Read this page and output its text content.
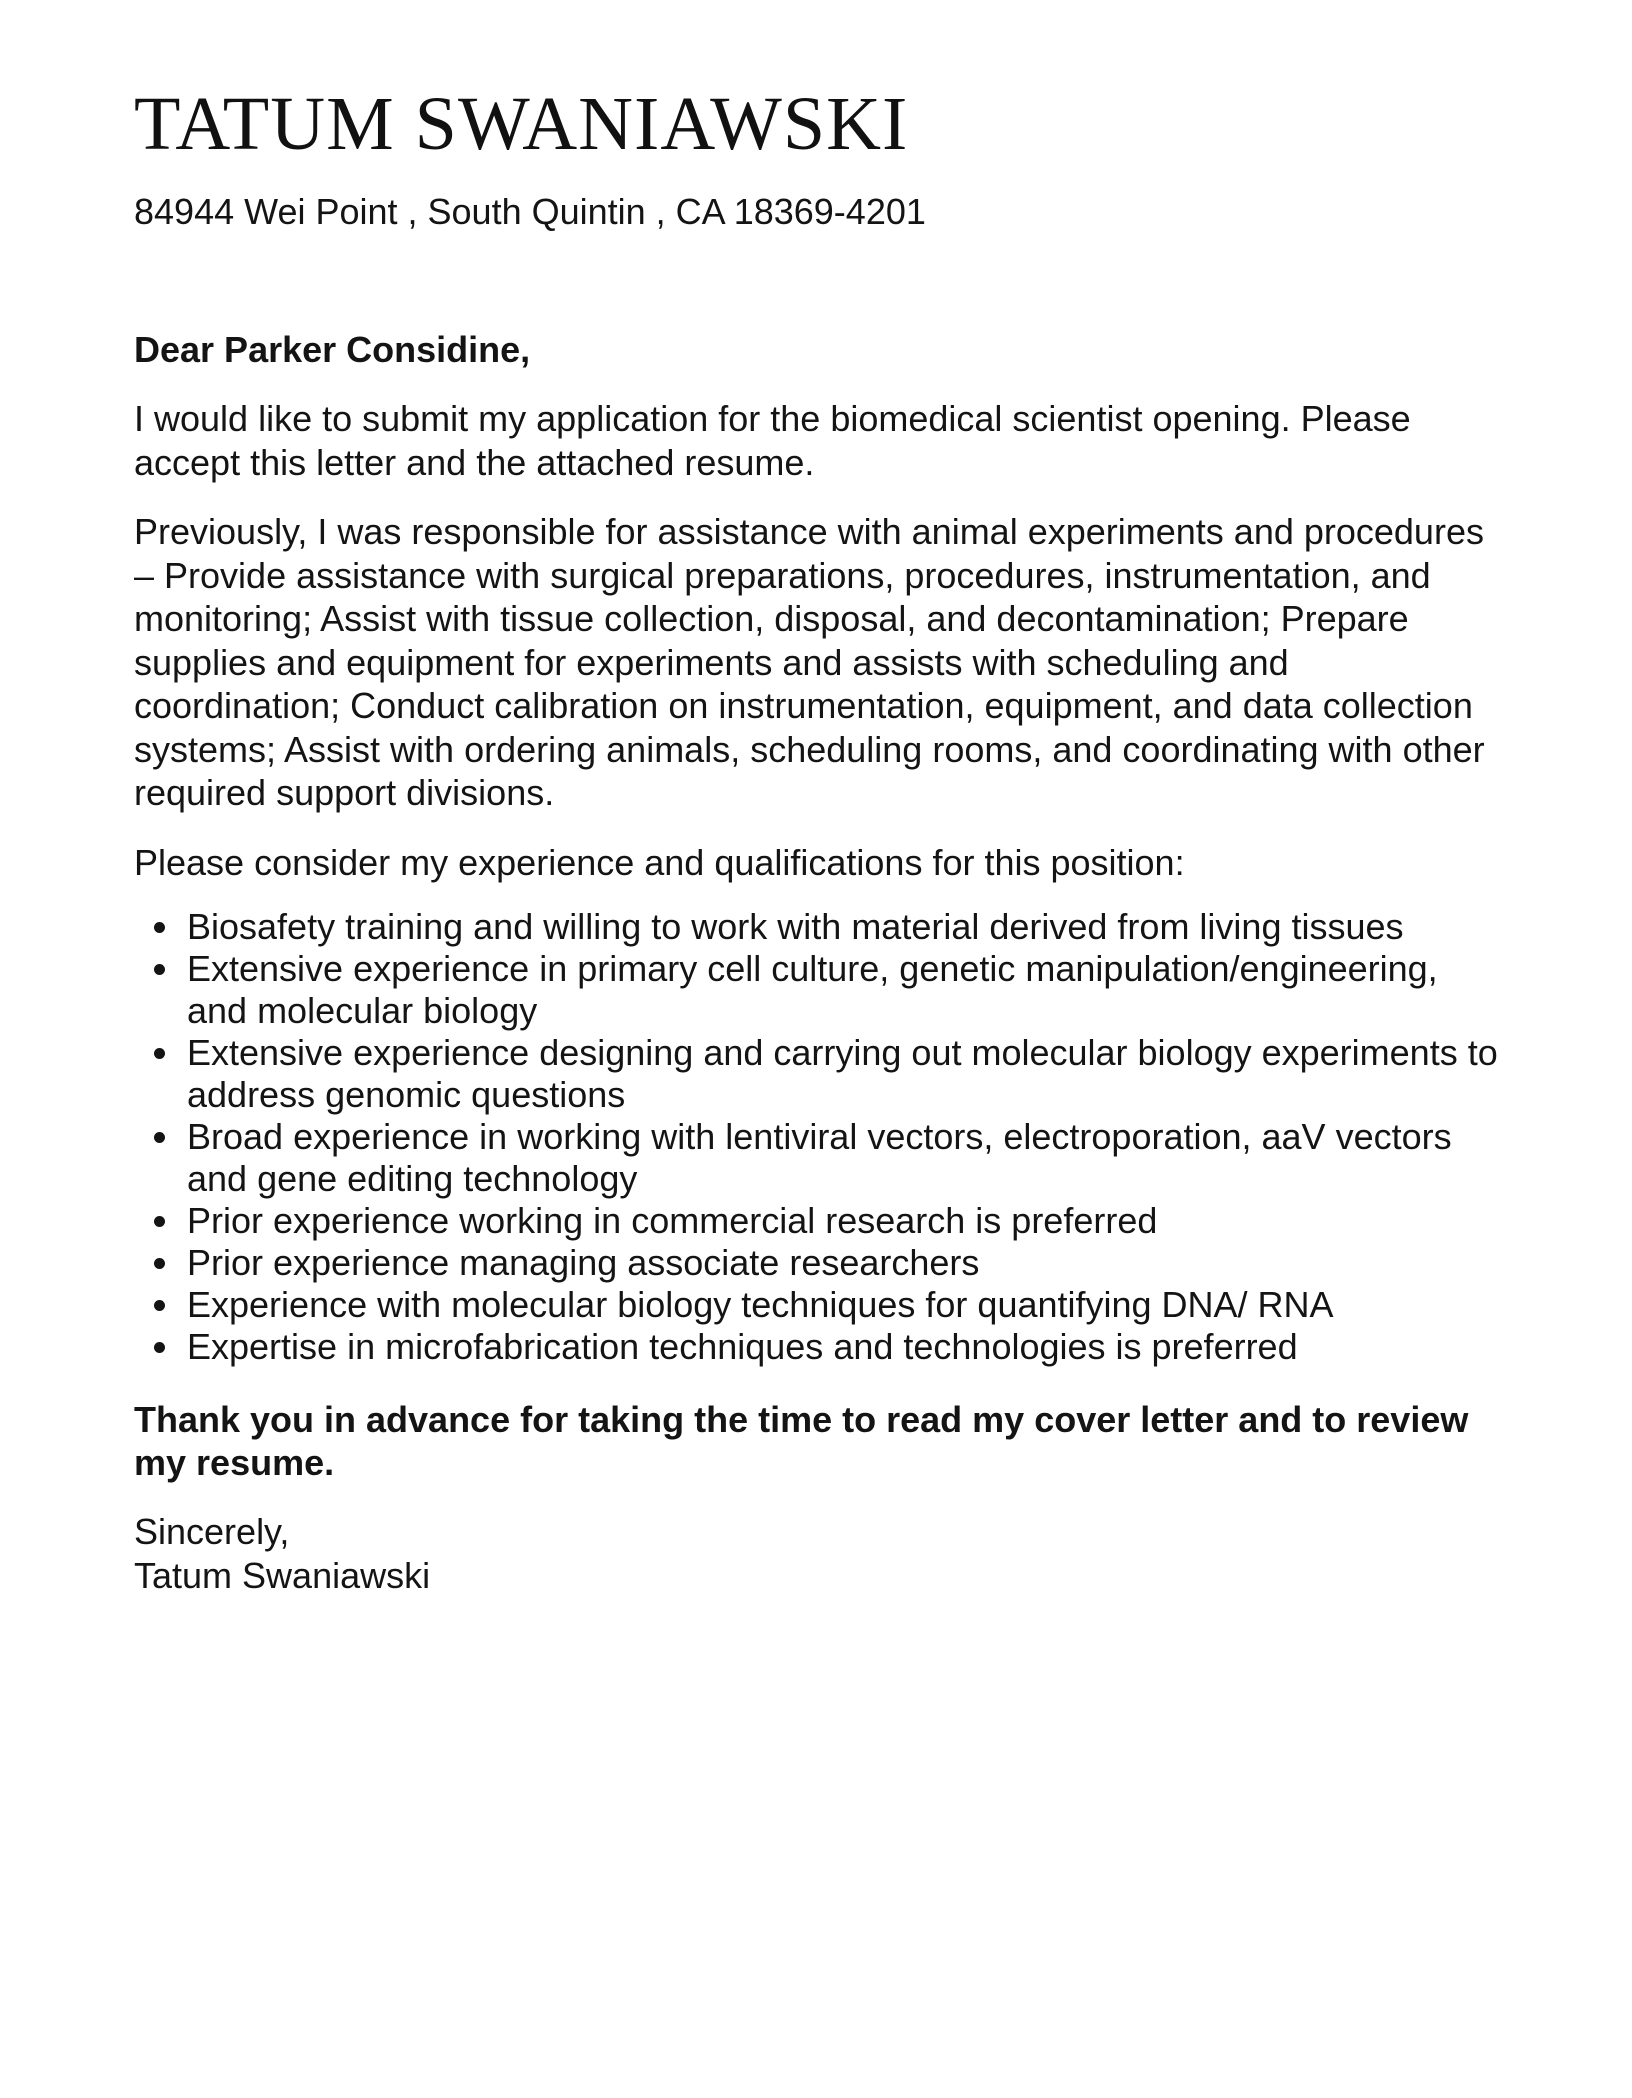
TATUM SWANIAWSKI
84944 Wei Point , South Quintin , CA 18369-4201
Dear Parker Considine,

I would like to submit my application for the biomedical scientist opening. Please accept this letter and the attached resume.

Previously, I was responsible for assistance with animal experiments and procedures – Provide assistance with surgical preparations, procedures, instrumentation, and monitoring; Assist with tissue collection, disposal, and decontamination; Prepare supplies and equipment for experiments and assists with scheduling and coordination; Conduct calibration on instrumentation, equipment, and data collection systems; Assist with ordering animals, scheduling rooms, and coordinating with other required support divisions.

Please consider my experience and qualifications for this position:

• Biosafety training and willing to work with material derived from living tissues
• Extensive experience in primary cell culture, genetic manipulation/engineering, and molecular biology
• Extensive experience designing and carrying out molecular biology experiments to address genomic questions
• Broad experience in working with lentiviral vectors, electroporation, aaV vectors and gene editing technology
• Prior experience working in commercial research is preferred
• Prior experience managing associate researchers
• Experience with molecular biology techniques for quantifying DNA/ RNA
• Expertise in microfabrication techniques and technologies is preferred
Thank you in advance for taking the time to read my cover letter and to review my resume.
Sincerely,
Tatum Swaniawski
